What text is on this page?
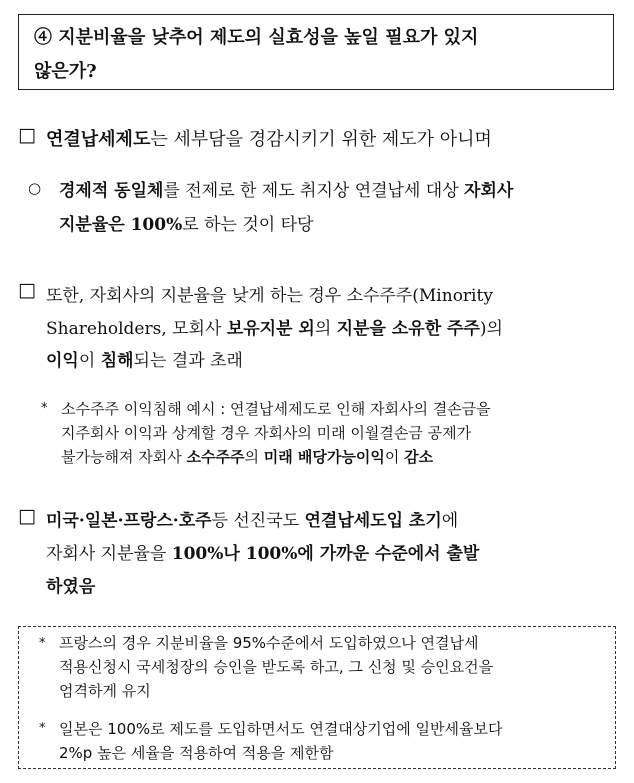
④ 지분비율을 낮추어 제도의 실효성을 높일 필요가 있지
않은가?
□ 연결납세제도는 세부담을 경감시키기 위한 제도가 아니며
○ 경제적 동일체를 전제로 한 제도 취지상 연결납세 대상 자회사
지분율은 100%로 하는 것이 타당
□ 또한, 자회사의 지분율을 낮게 하는 경우 소수주주(Minority
Shareholders, 모회사 보유지분 외의 지분을 소유한 주주)의
이익이 침해되는 결과 초래
* 소수주주 이익침해 예시 : 연결납세제도로 인해 자회사의 결손금을
지주회사 이익과 상계할 경우 자회사의 미래 이월결손금 공제가
불가능해져 자회사 소수주주의 미래 배당가능이익이 감소
□ 미국·일본·프랑스·호주등 선진국도 연결납세도입 초기에
자회사 지분율을 100%나 100%에 가까운 수준에서 출발
하였음
* 프랑스의 경우 지분비율을 95%수준에서 도입하였으나 연결납세
적용신청시 국세청장의 승인을 받도록 하고, 그 신청 및 승인요건을
엄격하게 유지
* 일본은 100%로 제도를 도입하면서도 연결대상기업에 일반세율보다
2%p 높은 세율을 적용하여 적용을 제한함
